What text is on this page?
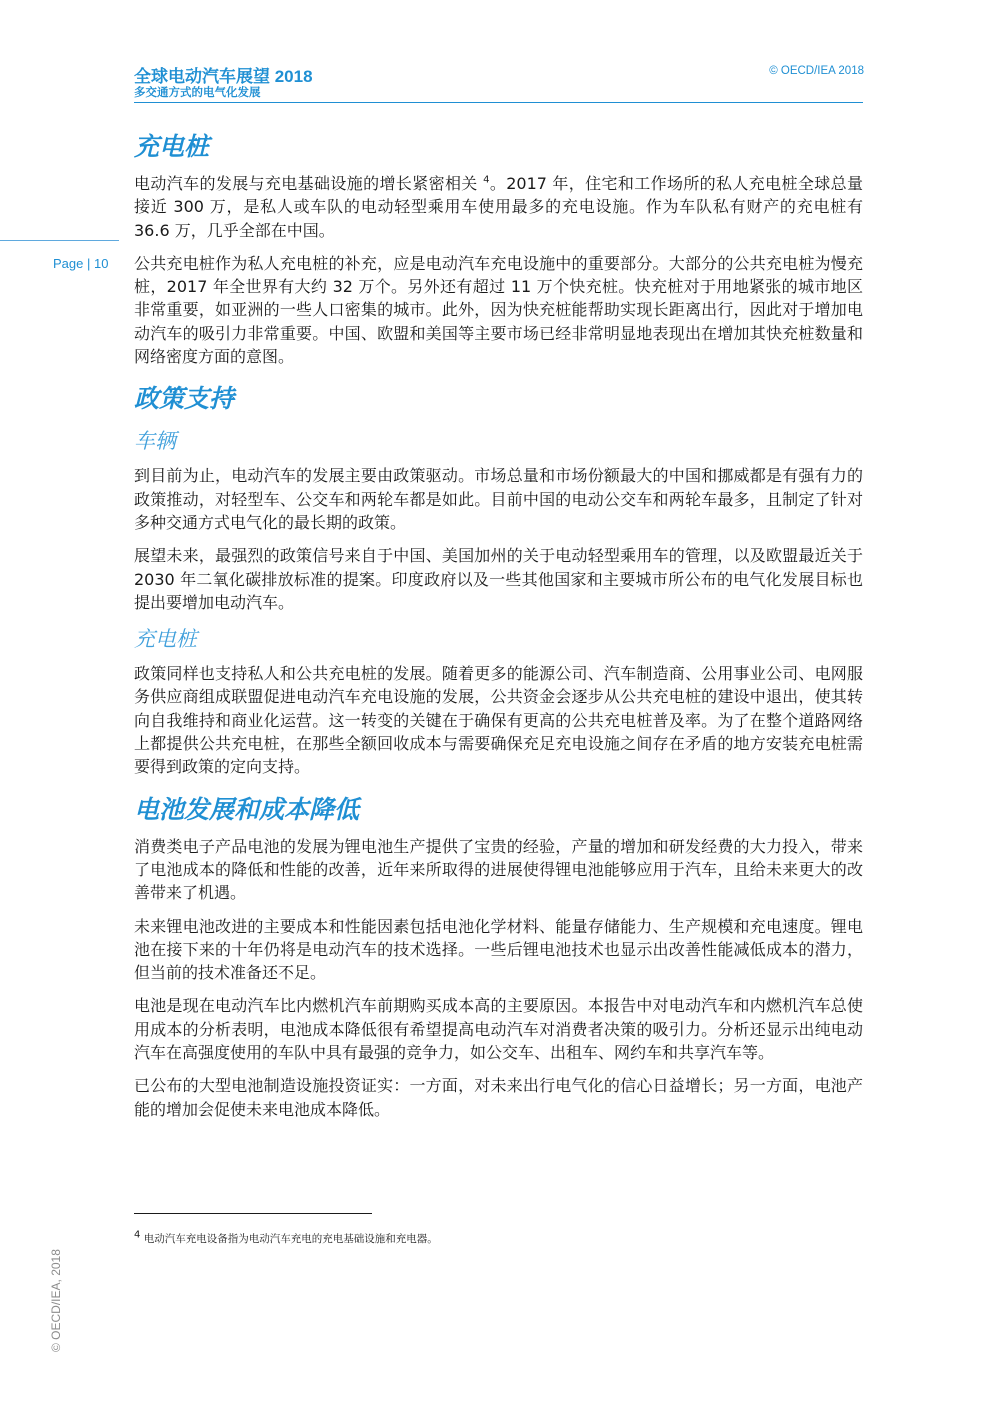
全球电动汽车展望 2018
多交通方式的电气化发展
© OECD/IEA 2018
Page | 10
© OECD/IEA, 2018
充电桩

电动汽车的发展与充电基础设施的增长紧密相关 $^4$。2017 年，住宅和工作场所的私人充电桩全球总量接近 300 万，是私人或车队的电动轻型乘用车使用最多的充电设施。作为车队私有财产的充电桩有 36.6 万，几乎全部在中国。

公共充电桩作为私人充电桩的补充，应是电动汽车充电设施中的重要部分。大部分的公共充电桩为慢充桩，2017 年全世界有大约 32 万个。另外还有超过 11 万个快充桩。快充桩对于用地紧张的城市地区非常重要，如亚洲的一些人口密集的城市。此外，因为快充桩能帮助实现长距离出行，因此对于增加电动汽车的吸引力非常重要。中国、欧盟和美国等主要市场已经非常明显地表现出在增加其快充桩数量和网络密度方面的意图。

政策支持
车辆

到目前为止，电动汽车的发展主要由政策驱动。市场总量和市场份额最大的中国和挪威都是有强有力的政策推动，对轻型车、公交车和两轮车都是如此。目前中国的电动公交车和两轮车最多，且制定了针对多种交通方式电气化的最长期的政策。

展望未来，最强烈的政策信号来自于中国、美国加州的关于电动轻型乘用车的管理，以及欧盟最近关于 2030 年二氧化碳排放标准的提案。印度政府以及一些其他国家和主要城市所公布的电气化发展目标也提出要增加电动汽车。

充电桩

政策同样也支持私人和公共充电桩的发展。随着更多的能源公司、汽车制造商、公用事业公司、电网服务供应商组成联盟促进电动汽车充电设施的发展，公共资金会逐步从公共充电桩的建设中退出，使其转向自我维持和商业化运营。这一转变的关键在于确保有更高的公共充电桩普及率。为了在整个道路网络上都提供公共充电桩，在那些全额回收成本与需要确保充足充电设施之间存在矛盾的地方安装充电桩需要得到政策的定向支持。

电池发展和成本降低

消费类电子产品电池的发展为锂电池生产提供了宝贵的经验，产量的增加和研发经费的大力投入，带来了电池成本的降低和性能的改善，近年来所取得的进展使得锂电池能够应用于汽车，且给未来更大的改善带来了机遇。

未来锂电池改进的主要成本和性能因素包括电池化学材料、能量存储能力、生产规模和充电速度。锂电池在接下来的十年仍将是电动汽车的技术选择。一些后锂电池技术也显示出改善性能减低成本的潜力，但当前的技术准备还不足。

电池是现在电动汽车比内燃机汽车前期购买成本高的主要原因。本报告中对电动汽车和内燃机汽车总使用成本的分析表明，电池成本降低很有希望提高电动汽车对消费者决策的吸引力。分析还显示出纯电动汽车在高强度使用的车队中具有最强的竞争力，如公交车、出租车、网约车和共享汽车等。

已公布的大型电池制造设施投资证实：一方面，对未来出行电气化的信心日益增长；另一方面，电池产能的增加会促使未来电池成本降低。

$^4$ 电动汽车充电设备指为电动汽车充电的充电基础设施和充电器。
